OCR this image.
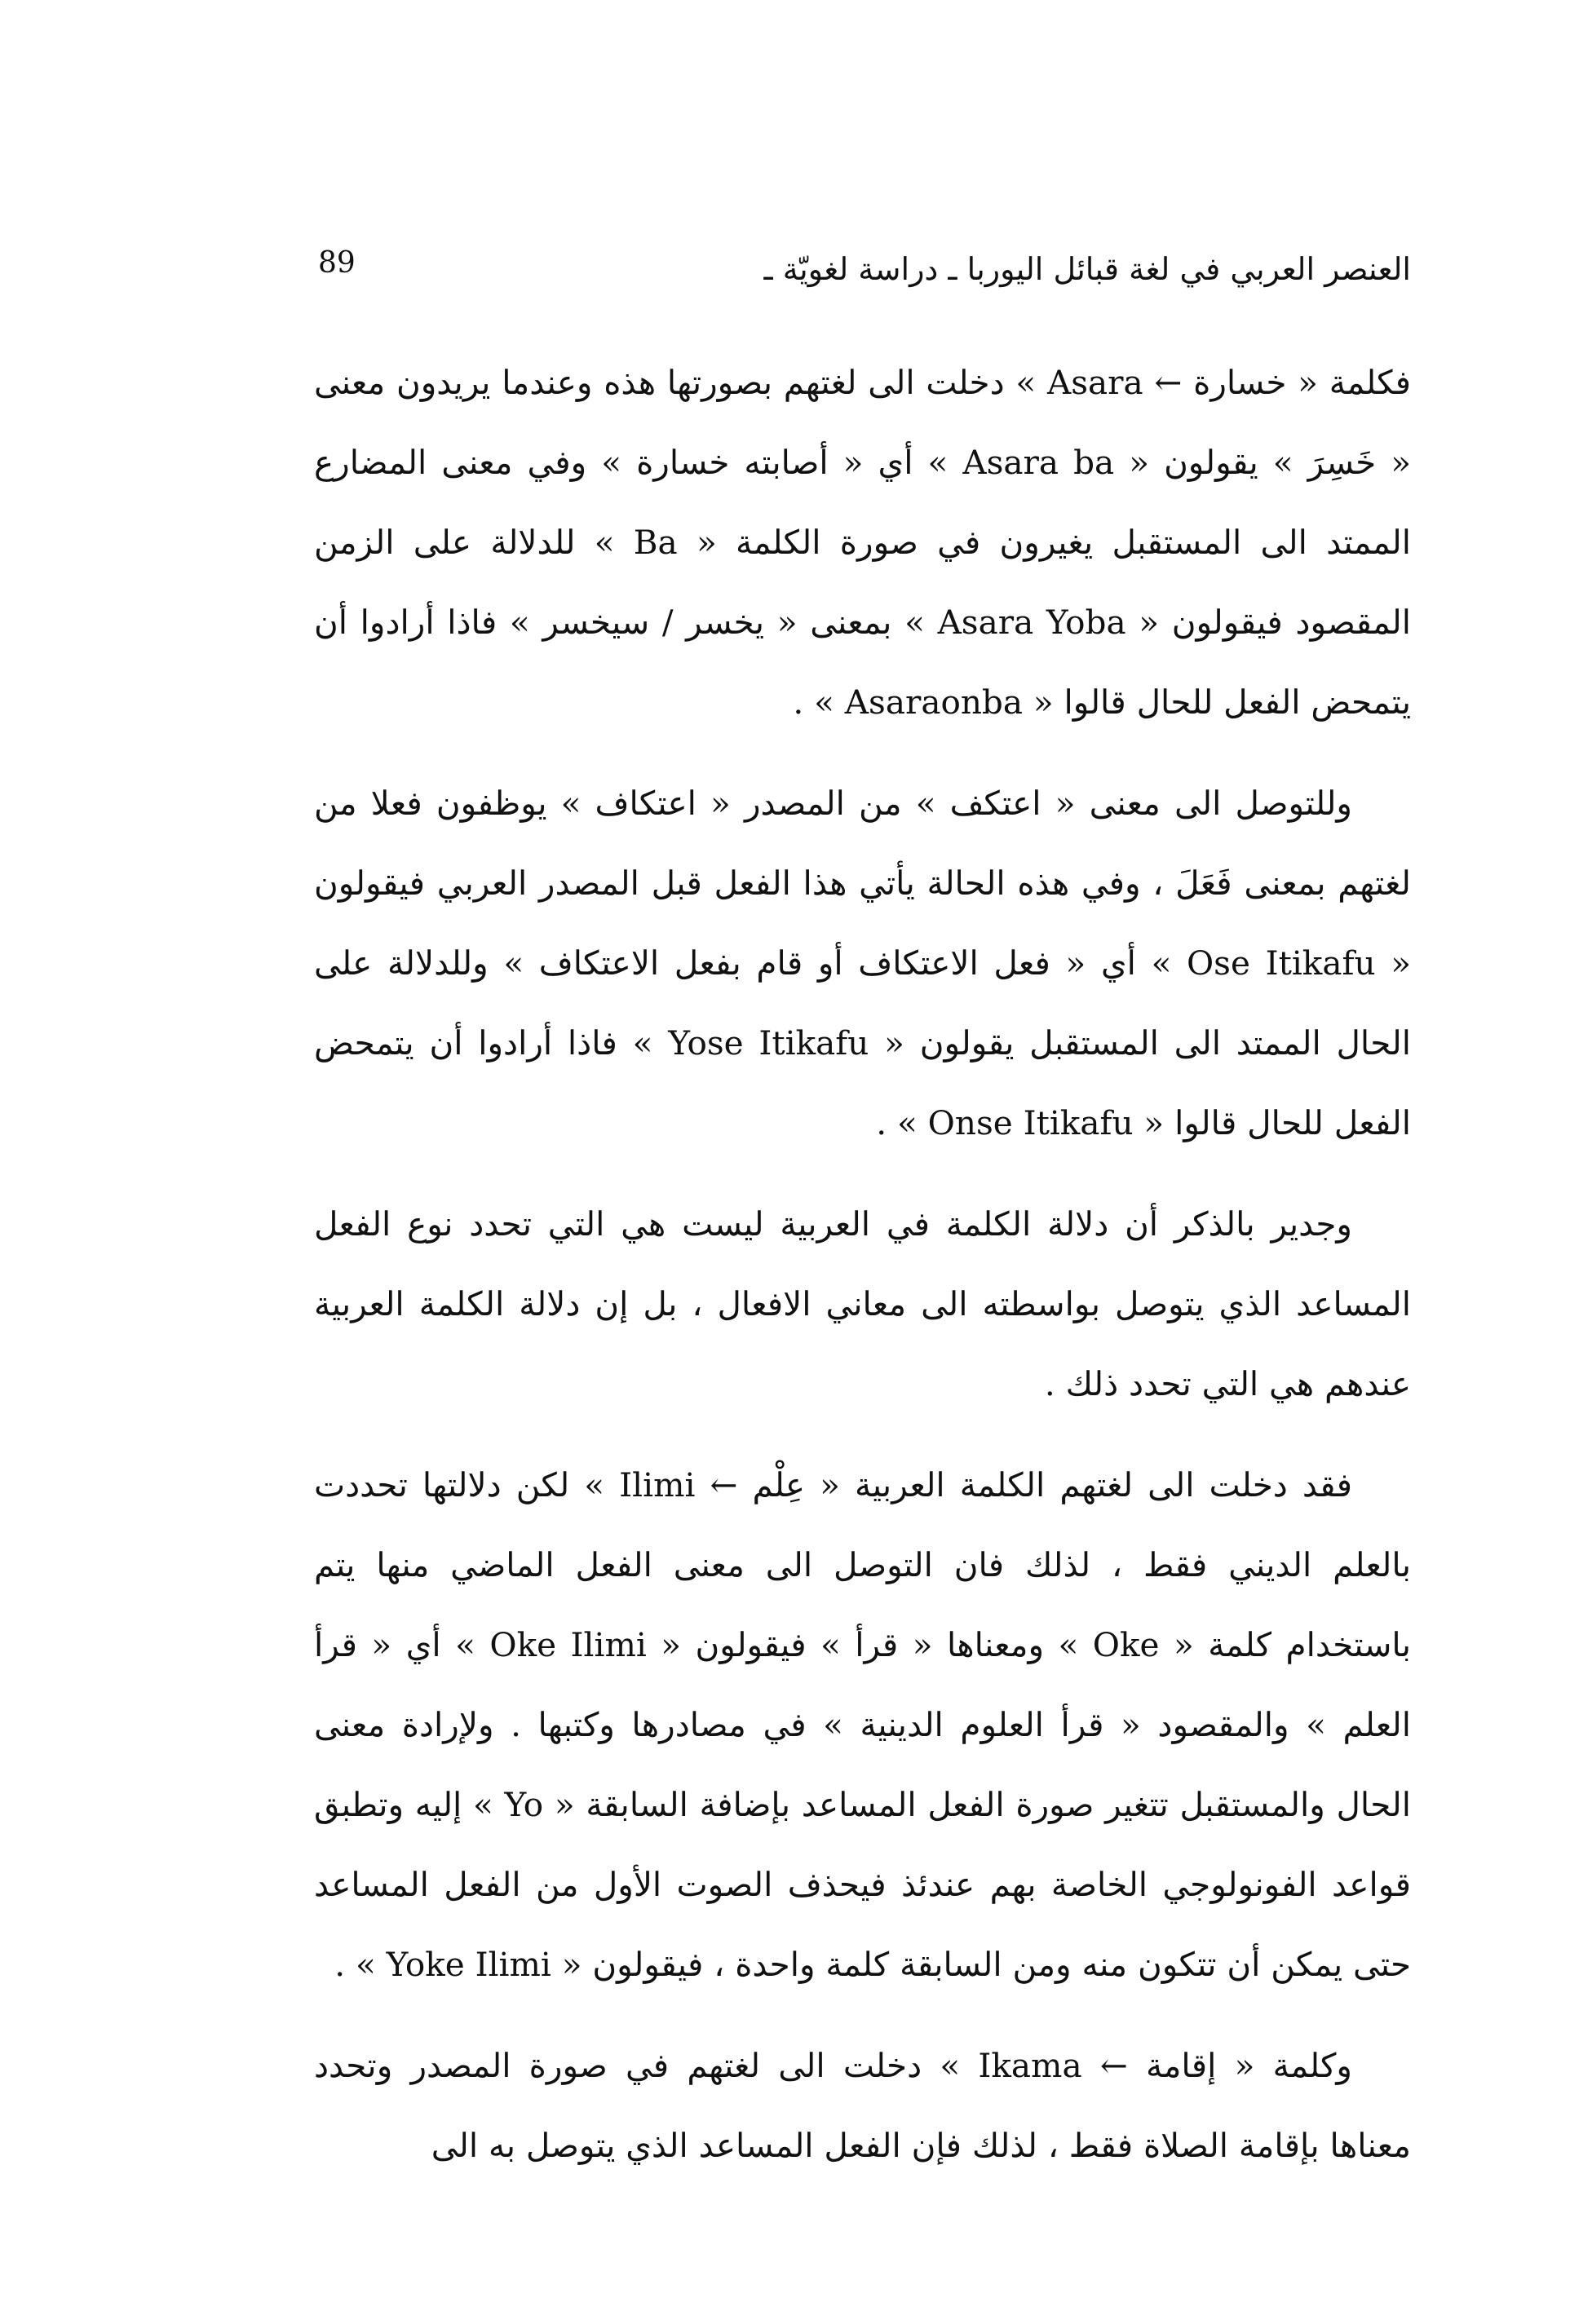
العنصر العربي في لغة قبائل اليوربا ـ دراسة لغويّة ـ
89

فكلمة « خسارة ← Asara » دخلت الى لغتهم بصورتها هذه وعندما يريدون معنى « خَسِرَ » يقولون « Asara ba » أي « أصابته خسارة » وفي معنى المضارع الممتد الى المستقبل يغيرون في صورة الكلمة « Ba » للدلالة على الزمن المقصود فيقولون « Asara Yoba » بمعنى « يخسر / سيخسر » فاذا أرادوا أن يتمحض الفعل للحال قالوا « Asaraonba » .

وللتوصل الى معنى « اعتكف » من المصدر « اعتكاف » يوظفون فعلا من لغتهم بمعنى فَعَلَ ، وفي هذه الحالة يأتي هذا الفعل قبل المصدر العربي فيقولون « Ose Itikafu » أي « فعل الاعتكاف أو قام بفعل الاعتكاف » وللدلالة على الحال الممتد الى المستقبل يقولون « Yose Itikafu » فاذا أرادوا أن يتمحض الفعل للحال قالوا « Onse Itikafu » .

وجدير بالذكر أن دلالة الكلمة في العربية ليست هي التي تحدد نوع الفعل المساعد الذي يتوصل بواسطته الى معاني الافعال ، بل إن دلالة الكلمة العربية عندهم هي التي تحدد ذلك .

فقد دخلت الى لغتهم الكلمة العربية « عِلْم ← Ilimi » لكن دلالتها تحددت بالعلم الديني فقط ، لذلك فان التوصل الى معنى الفعل الماضي منها يتم باستخدام كلمة « Oke » ومعناها « قرأ » فيقولون « Oke Ilimi » أي « قرأ العلم » والمقصود « قرأ العلوم الدينية » في مصادرها وكتبها . ولإرادة معنى الحال والمستقبل تتغير صورة الفعل المساعد بإضافة السابقة « Yo » إليه وتطبق قواعد الفونولوجي الخاصة بهم عندئذ فيحذف الصوت الأول من الفعل المساعد حتى يمكن أن تتكون منه ومن السابقة كلمة واحدة ، فيقولون « Yoke Ilimi » .

وكلمة « إقامة ← Ikama » دخلت الى لغتهم في صورة المصدر وتحدد معناها بإقامة الصلاة فقط ، لذلك فإن الفعل المساعد الذي يتوصل به الى
